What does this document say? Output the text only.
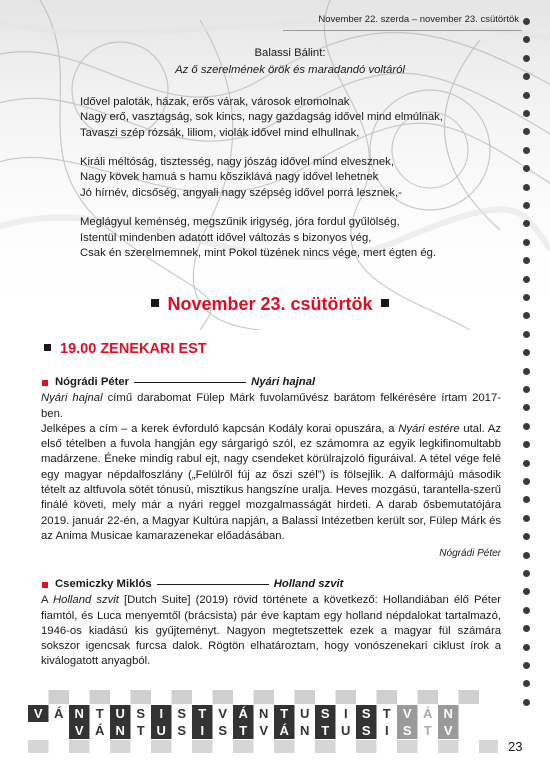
November 22. szerda – november 23. csütörtök
Balassi Bálint:
Az ő szerelmének örök és maradandó voltáról
Idővel paloták, házak, erős várak, városok elromolnak
Nagy erő, vasztagság, sok kincs, nagy gazdagság idővel mind elmúlnak,
Tavaszi szép rózsák, liliom, violák idővel mind elhullnak,
Királi méltóság, tisztesség, nagy jószág idővel mind elvesznek,
Nagy kövek hamuá s hamu kősziklává nagy idővel lehetnek
Jó hírnév, dicsőség, angyali nagy szépség idővel porrá lesznek,-
Meglágyul keménség, megszűnik irigység, jóra fordul gyűlölség,
Istentül mindenben adatott idővel változás s bizonyos vég,
Csak én szerelmemnek, mint Pokol tüzének nincs vége, mert égten ég.
November 23. csütörtök
19.00 ZENEKARI EST
Nógrádi Péter	Nyári hajnal

Nyári hajnal című darabomat Fülep Márk fuvolaművész barátom felkérésére írtam 2017-ben.

Jelképes a cím – a kerek évforduló kapcsán Kodály korai opuszára, a Nyári estére utal. Az első tételben a fuvola hangján egy sárgarigó szól, ez számomra az egyik legkifinomultabb madárzene. Éneke mindig rabul ejt, nagy csendeket körülrajzoló figuráival. A tétel vége felé egy magyar népdalfoszlány („Felülről fúj az őszi szél”) is fölsejlik. A dalformájú második tételt az altfuvola sötét tónusú, misztikus hangszíne uralja. Heves mozgású, tarantella-szerű finálé követi, mely már a nyári reggel mozgalmasságát hirdeti. A darab ősbemutatójára 2019. január 22-én, a Magyar Kultúra napján, a Balassi Intézetben került sor, Fülep Márk és az Anima Musicae kamarazenekar előadásában.

Nógrádi Péter
Csemiczky Miklós	Holland szvit

A Holland szvit [Dutch Suite] (2019) rövid története a következő: Hollandiában élő Péter fiamtól, és Luca menyemtől (brácsista) pár éve kaptam egy holland népdalokat tartalmazó, 1946-os kiadású kis gyűjteményt. Nagyon megtetszettek ezek a magyar fül számára sokszor igencsak furcsa dalok. Rögtön elhatároztam, hogy vonószenekari ciklust írok a kiválogatott anyagból.

V Á N T U S I S T V Á N T U S I S T V Á N
V Á N T U S I S T V Á N T U S I S T V
23
